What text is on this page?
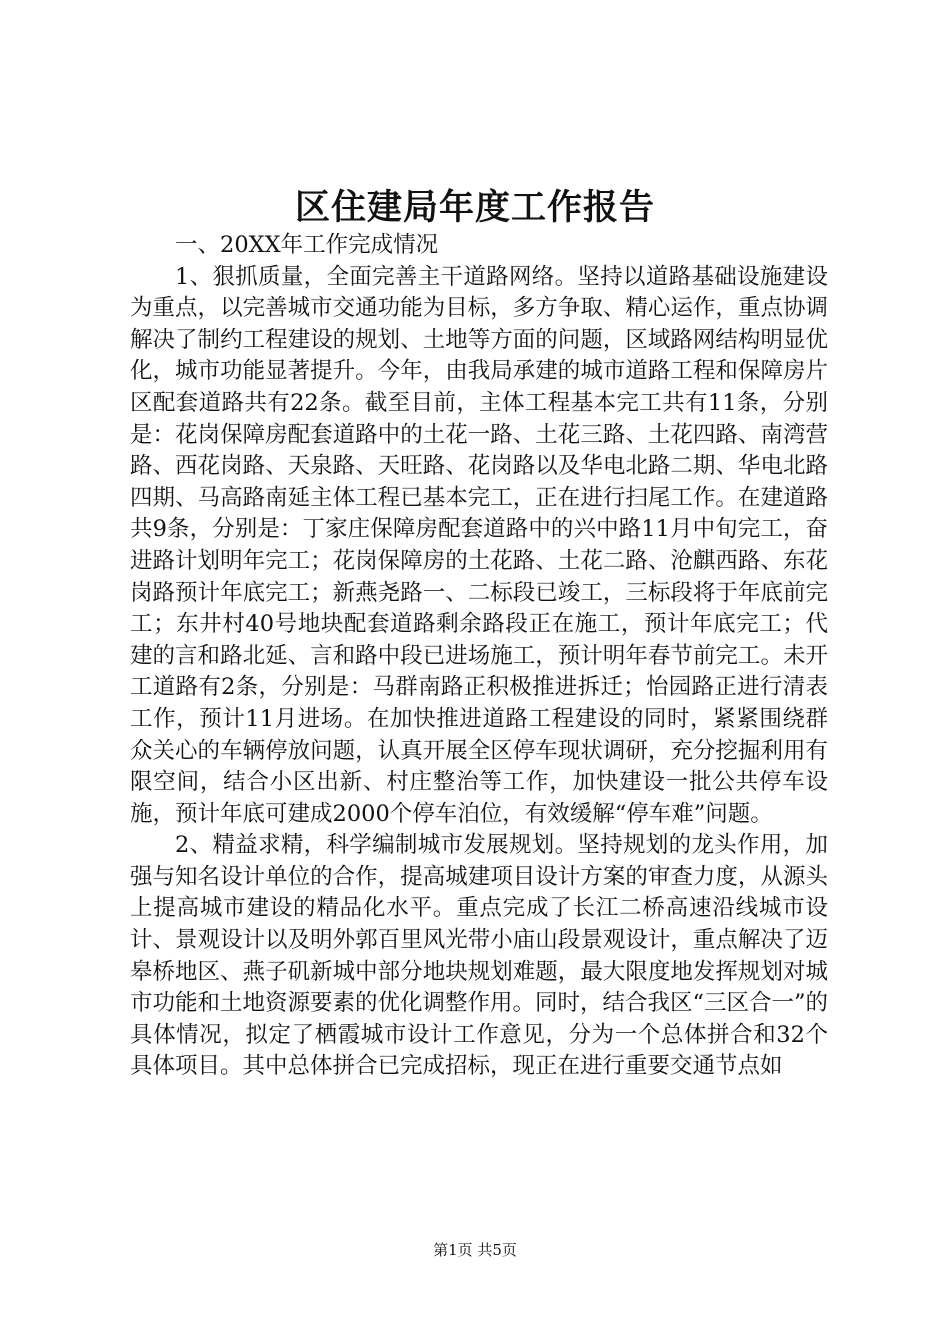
区住建局年度工作报告

一、20XX年工作完成情况

1、狠抓质量，全面完善主干道路网络。坚持以道路基础设施建设为重点，以完善城市交通功能为目标，多方争取、精心运作，重点协调解决了制约工程建设的规划、土地等方面的问题，区域路网结构明显优化，城市功能显著提升。今年，由我局承建的城市道路工程和保障房片区配套道路共有22条。截至目前，主体工程基本完工共有11条，分别是：花岗保障房配套道路中的土花一路、土花三路、土花四路、南湾营路、西花岗路、天泉路、天旺路、花岗路以及华电北路二期、华电北路四期、马高路南延主体工程已基本完工，正在进行扫尾工作。在建道路共9条，分别是：丁家庄保障房配套道路中的兴中路11月中旬完工，奋进路计划明年完工；花岗保障房的土花路、土花二路、沧麒西路、东花岗路预计年底完工；新燕尧路一、二标段已竣工，三标段将于年底前完工；东井村40号地块配套道路剩余路段正在施工，预计年底完工；代建的言和路北延、言和路中段已进场施工，预计明年春节前完工。未开工道路有2条，分别是：马群南路正积极推进拆迁；怡园路正进行清表工作，预计11月进场。在加快推进道路工程建设的同时，紧紧围绕群众关心的车辆停放问题，认真开展全区停车现状调研，充分挖掘利用有限空间，结合小区出新、村庄整治等工作，加快建设一批公共停车设施，预计年底可建成2000个停车泊位，有效缓解“停车难”问题。

2、精益求精，科学编制城市发展规划。坚持规划的龙头作用，加强与知名设计单位的合作，提高城建项目设计方案的审查力度，从源头上提高城市建设的精品化水平。重点完成了长江二桥高速沿线城市设计、景观设计以及明外郭百里风光带小庙山段景观设计，重点解决了迈皋桥地区、燕子矶新城中部分地块规划难题，最大限度地发挥规划对城市功能和土地资源要素的优化调整作用。同时，结合我区“三区合一”的具体情况，拟定了栖霞城市设计工作意见，分为一个总体拼合和32个具体项目。其中总体拼合已完成招标，现正在进行重要交通节点如

第1页 共5页
